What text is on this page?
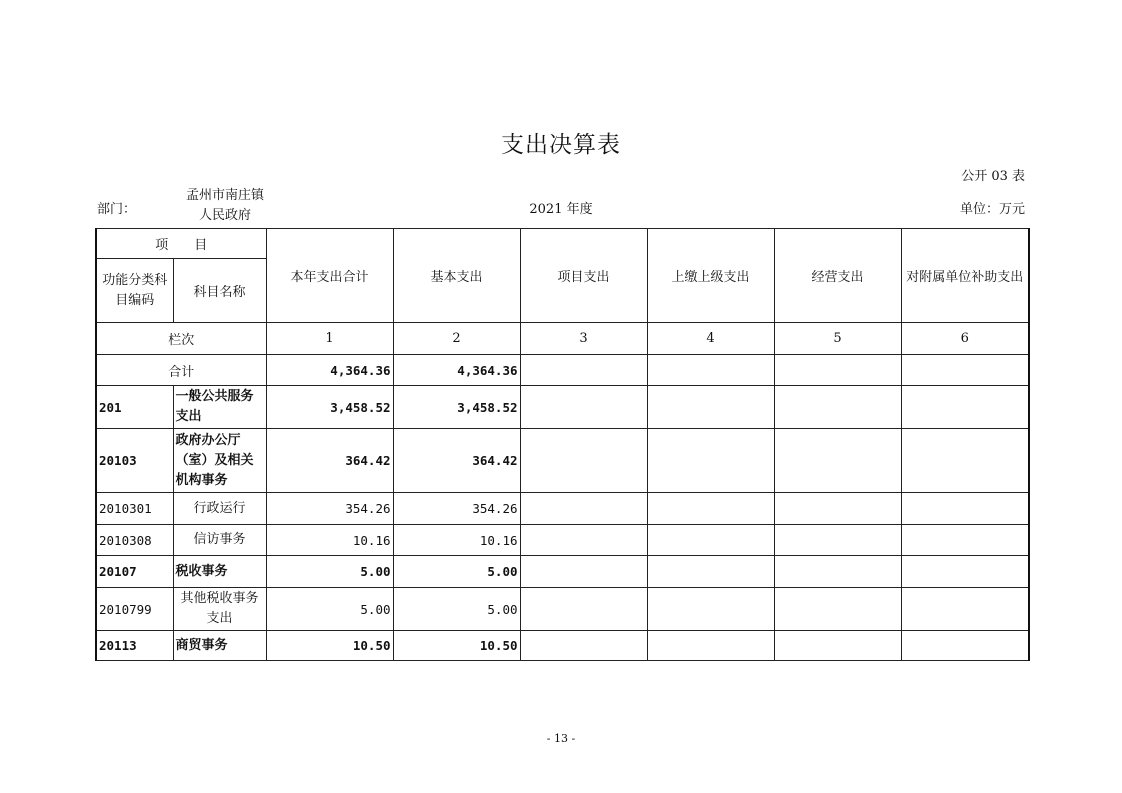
支出决算表
公开 03 表
部门：
孟州市南庄镇
人民政府	2021 年度	单位：万元
项　　目		本年支出合计	基本支出	项目支出	上缴上级支出	经营支出	对附属单位补助支出
功能分类科目编码	科目名称						
栏次		1	2	3	4	5	6
合计		4,364.36	4,364.36				
201	一般公共服务支出	3,458.52	3,458.52				
20103	政府办公厅（室）及相关机构事务	364.42	364.42				
2010301	行政运行	354.26	354.26				
2010308	信访事务	10.16	10.16				
20107	税收事务	5.00	5.00				
2010799	其他税收事务支出	5.00	5.00				
20113	商贸事务	10.50	10.50				
- 13 -
